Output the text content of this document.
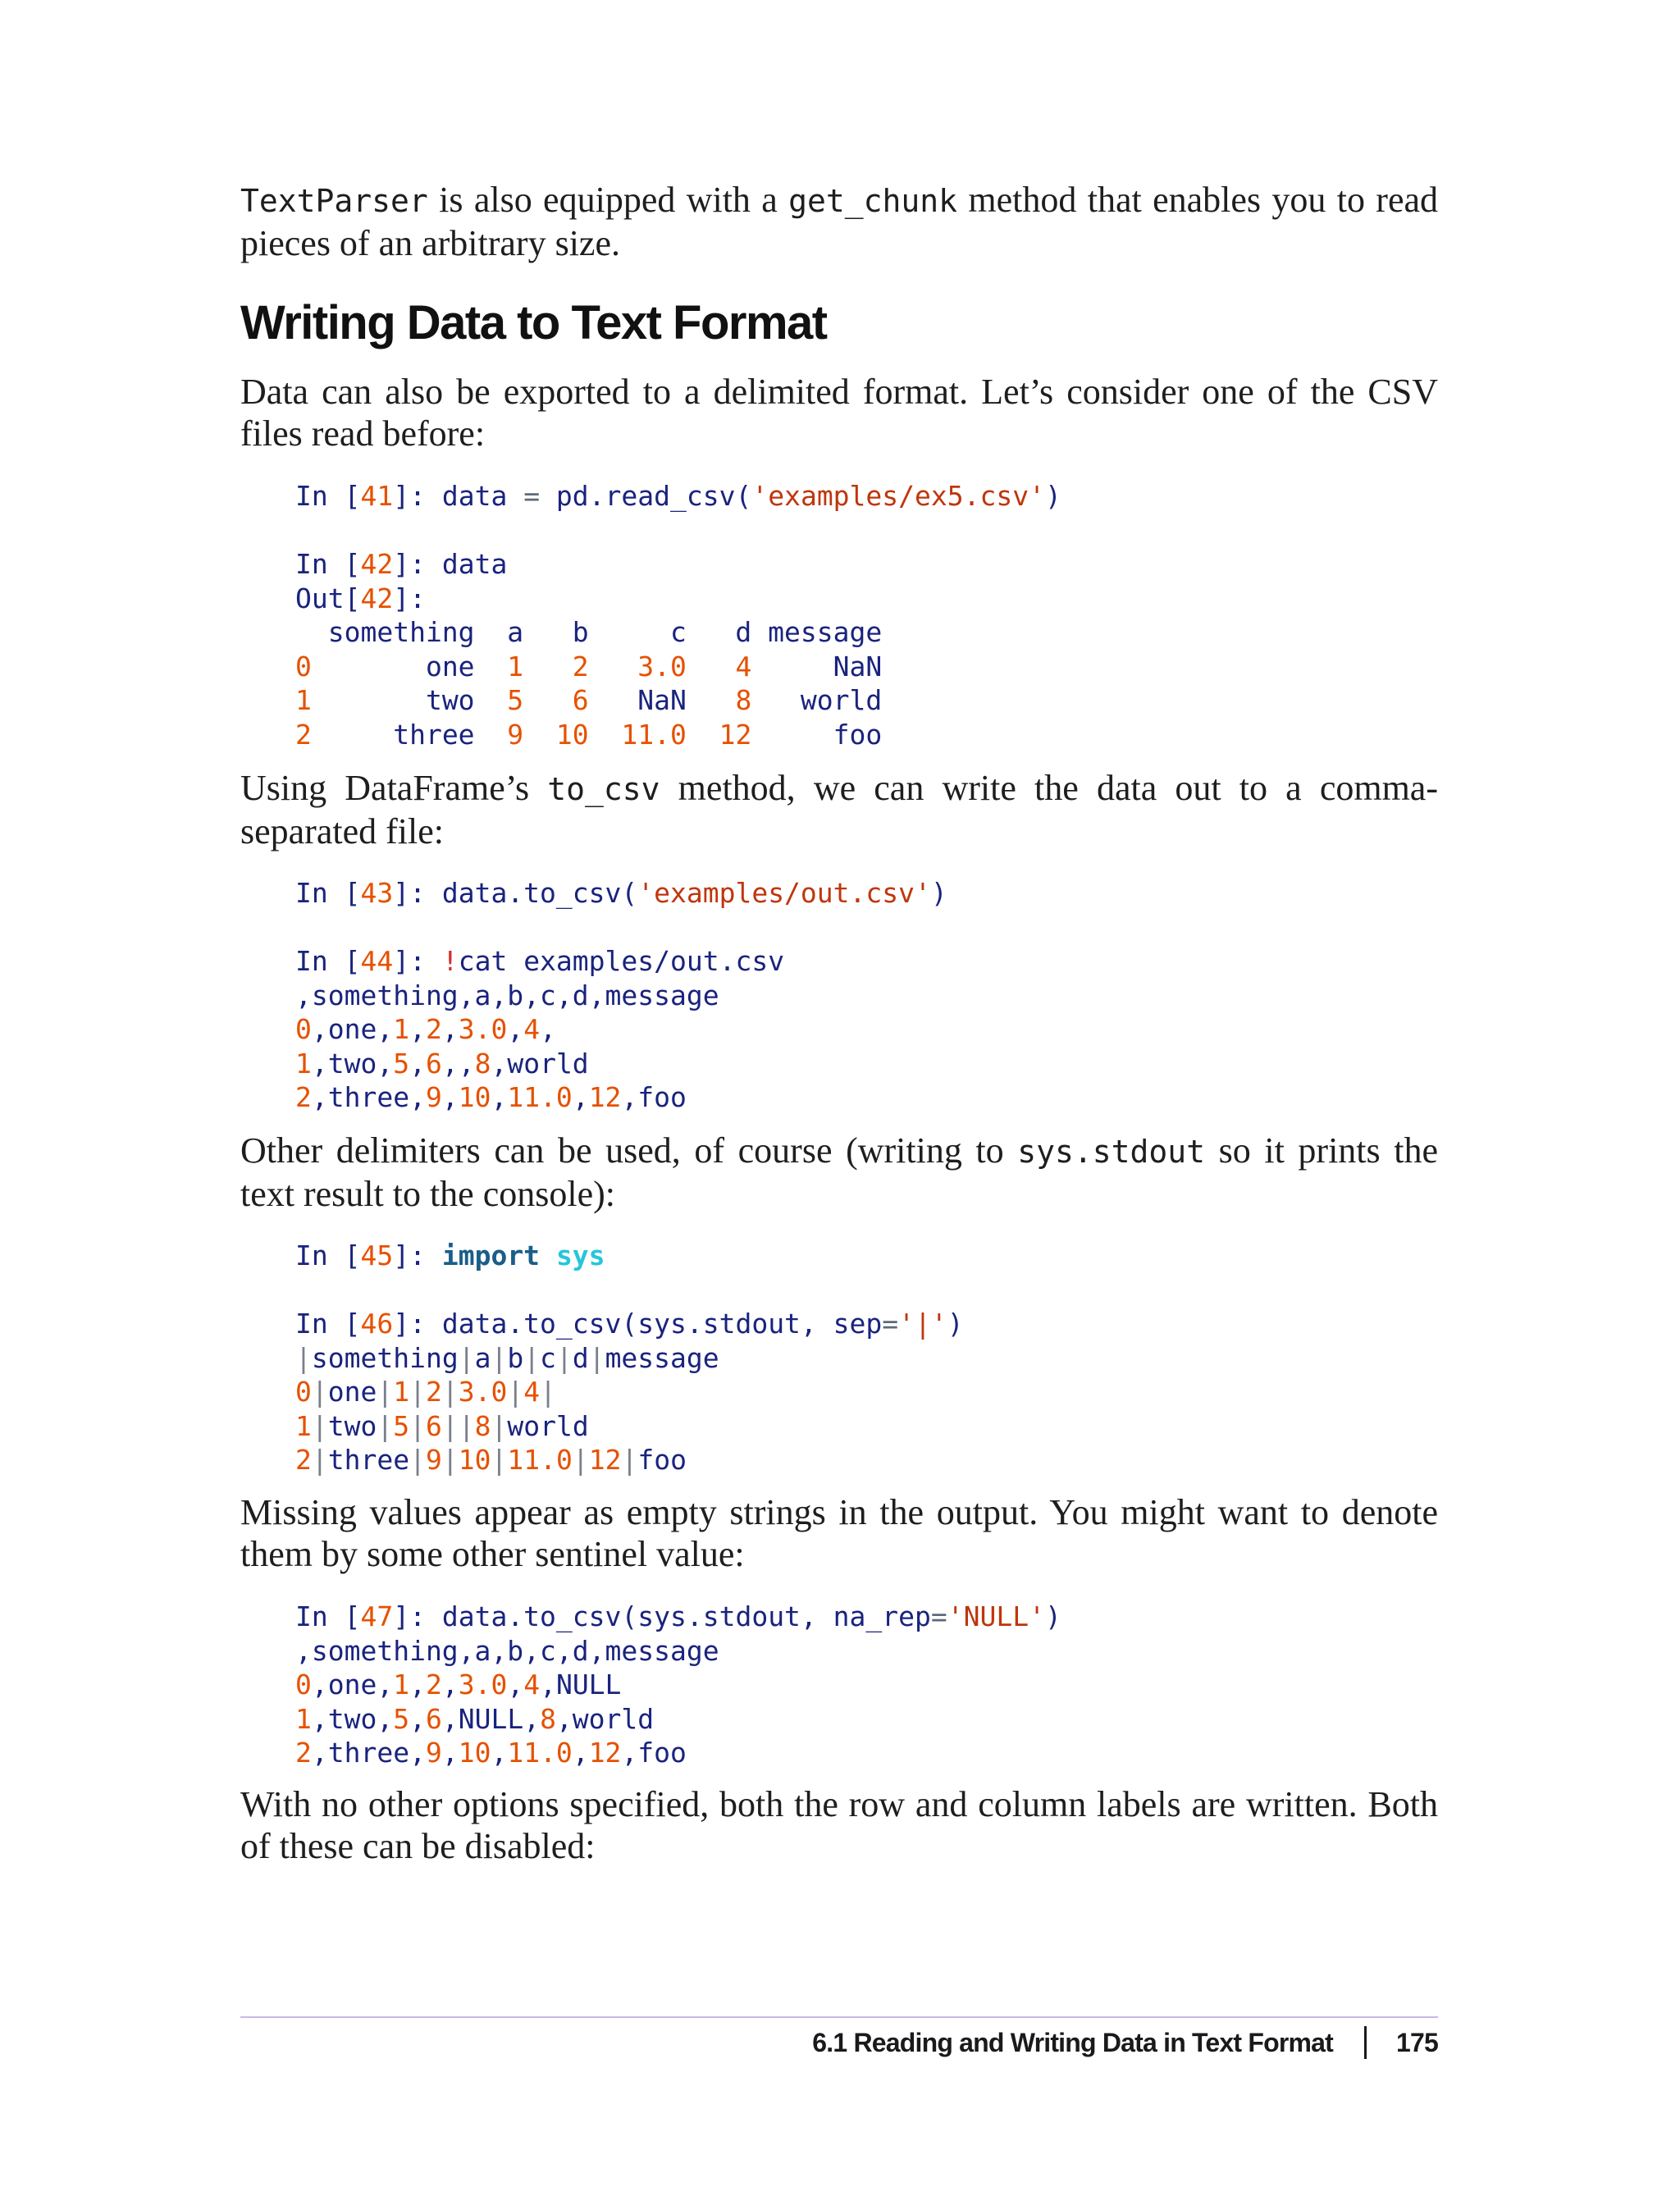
TextParser is also equipped with a get_chunk method that enables you to read pieces of an arbitrary size.

Writing Data to Text Format

Data can also be exported to a delimited format. Let’s consider one of the CSV files read before:

In [41]: data = pd.read_csv('examples/ex5.csv')

In [42]: data
Out[42]:
something  a   b     c   d message
0       one  1   2   3.0   4     NaN
1       two  5   6   NaN   8   world
2     three  9  10  11.0  12     foo

Using DataFrame’s to_csv method, we can write the data out to a comma-separated file:

In [43]: data.to_csv('examples/out.csv')

In [44]: !cat examples/out.csv
,something,a,b,c,d,message
0,one,1,2,3.0,4,
1,two,5,6,,8,world
2,three,9,10,11.0,12,foo

Other delimiters can be used, of course (writing to sys.stdout so it prints the text result to the console):

In [45]: import sys

In [46]: data.to_csv(sys.stdout, sep='|')
|something|a|b|c|d|message
0|one|1|2|3.0|4|
1|two|5|6||8|world
2|three|9|10|11.0|12|foo

Missing values appear as empty strings in the output. You might want to denote them by some other sentinel value:

In [47]: data.to_csv(sys.stdout, na_rep='NULL')
,something,a,b,c,d,message
0,one,1,2,3.0,4,NULL
1,two,5,6,NULL,8,world
2,three,9,10,11.0,12,foo

With no other options specified, both the row and column labels are written. Both of these can be disabled:

6.1 Reading and Writing Data in Text Format 175
